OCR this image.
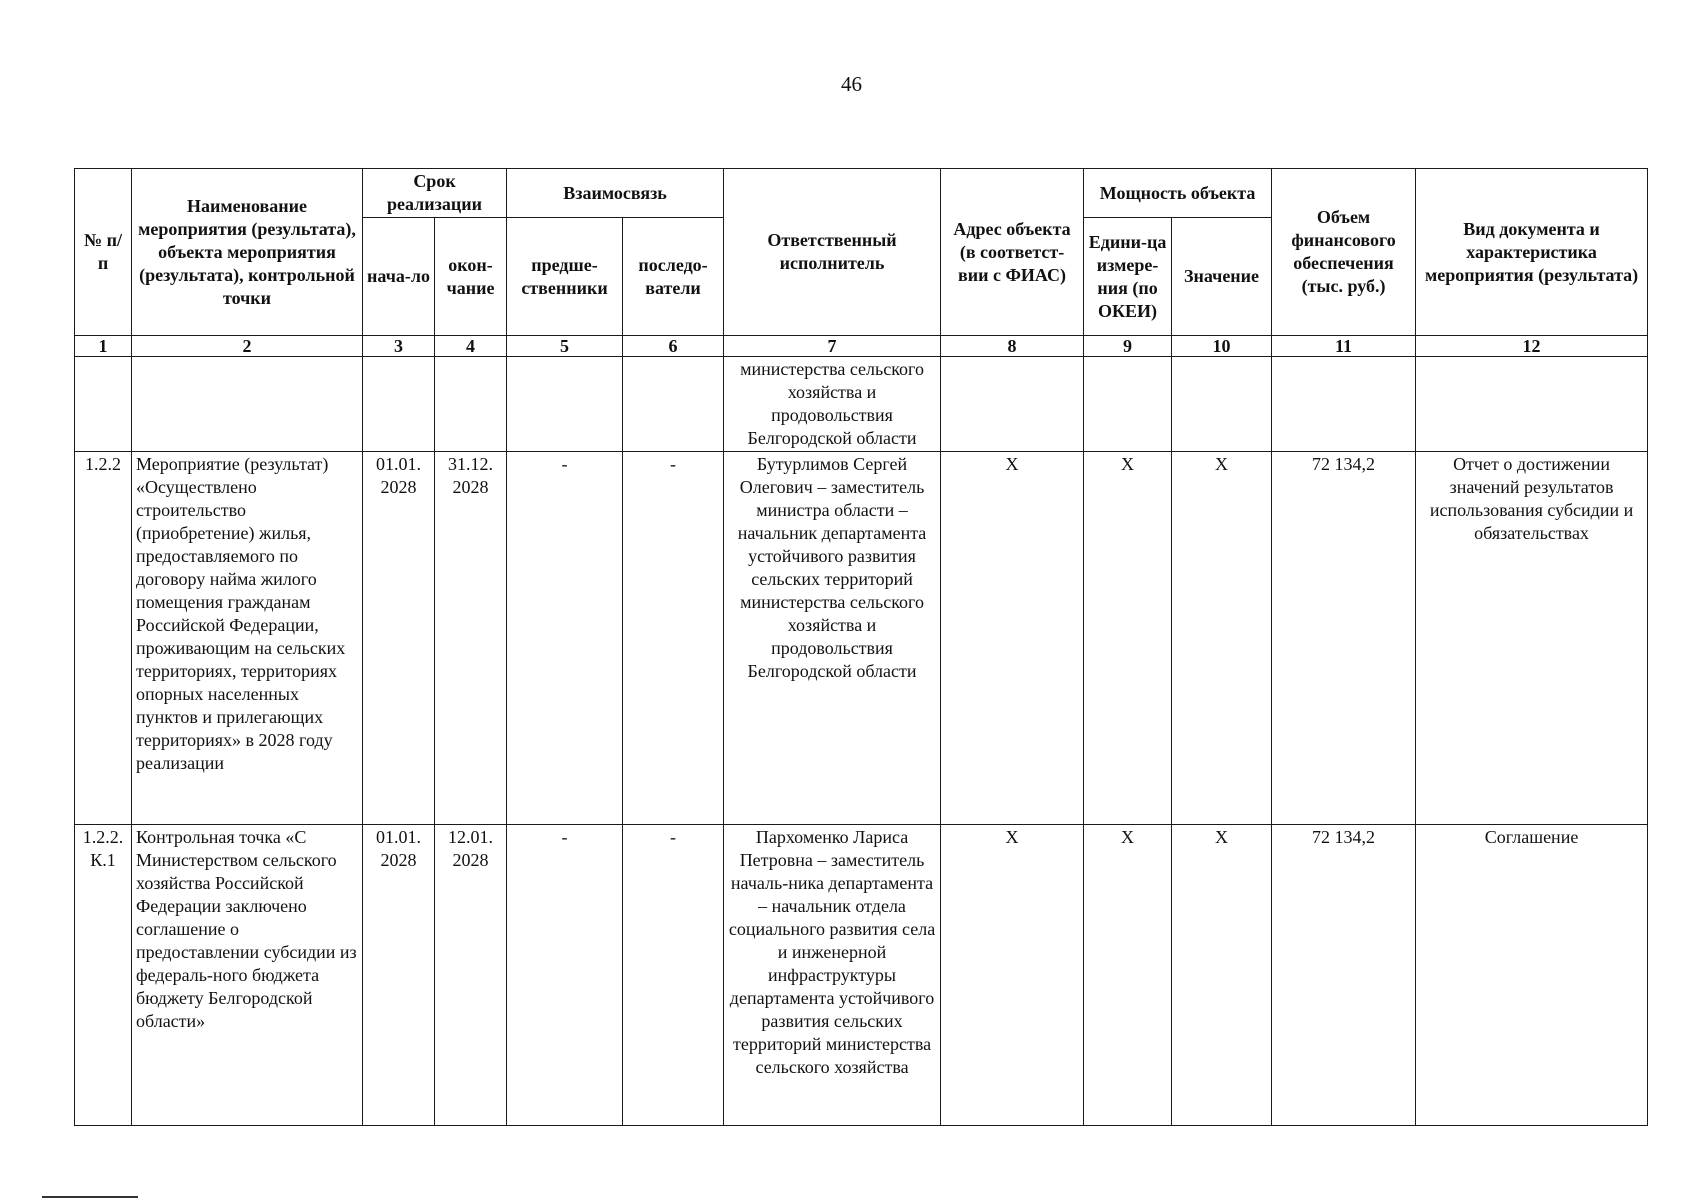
46
№ п/п	Наименование мероприятия (результата), объекта мероприятия (результата), контрольной точки	Срок реализации		Взаимосвязь		Ответственный исполнитель	Адрес объекта (в соответст-вии с ФИАС)	Мощность объекта		Объем финансового обеспечения (тыс. руб.)	Вид документа и характеристика мероприятия (результата)
		нача-ло	окон-чание	предше-ственники	последо-ватели			Едини-ца измере-ния (по ОКЕИ)	Значение		
1	2	3	4	5	6	7	8	9	10	11	12
						министерства сельского хозяйства и продовольствия Белгородской области					
1.2.2	Мероприятие (результат) «Осуществлено строительство (приобретение) жилья, предоставляемого по договору найма жилого помещения гражданам Российской Федерации, проживающим на сельских территориях, территориях опорных населенных пунктов и прилегающих территориях» в 2028 году реализации	01.01. 2028	31.12. 2028	-	-	Бутурлимов Сергей Олегович – заместитель министра области – начальник департамента устойчивого развития сельских территорий министерства сельского хозяйства и продовольствия Белгородской области	X	X	X	72 134,2	Отчет о достижении значений результатов использования субсидии и обязательствах
1.2.2. К.1	Контрольная точка «С Министерством сельского хозяйства Российской Федерации заключено соглашение о предоставлении субсидии из федераль-ного бюджета бюджету Белгородской области»	01.01. 2028	12.01. 2028	-	-	Пархоменко Лариса Петровна – заместитель началь-ника департамента – начальник отдела социального развития села и инженерной инфраструктуры департамента устойчивого развития сельских территорий министерства сельского хозяйства	X	X	X	72 134,2	Соглашение
